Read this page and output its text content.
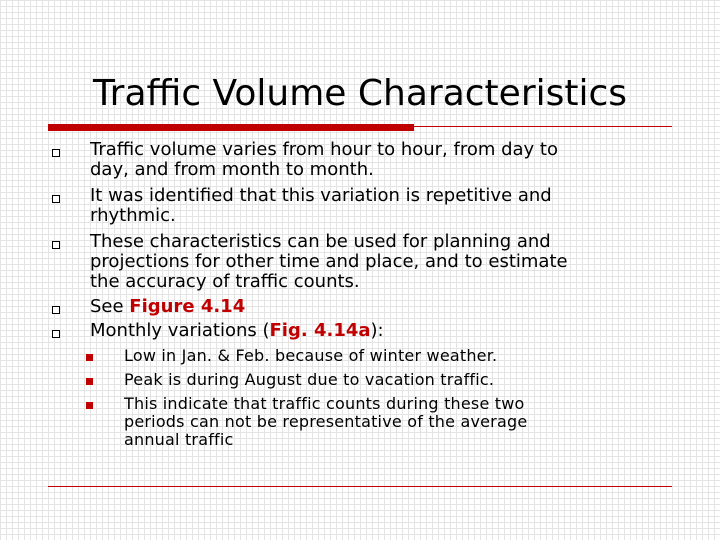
Traffic Volume Characteristics
Traffic volume varies from hour to hour, from day to
day, and from month to month.
It was identified that this variation is repetitive and
rhythmic.
These characteristics can be used for planning and
projections for other time and place, and to estimate
the accuracy of traffic counts.
See Figure 4.14
Monthly variations (Fig. 4.14a):
Low in Jan. & Feb. because of winter weather.
Peak is during August due to vacation traffic.
This indicate that traffic counts during these two
periods can not be representative of the average
annual traffic
